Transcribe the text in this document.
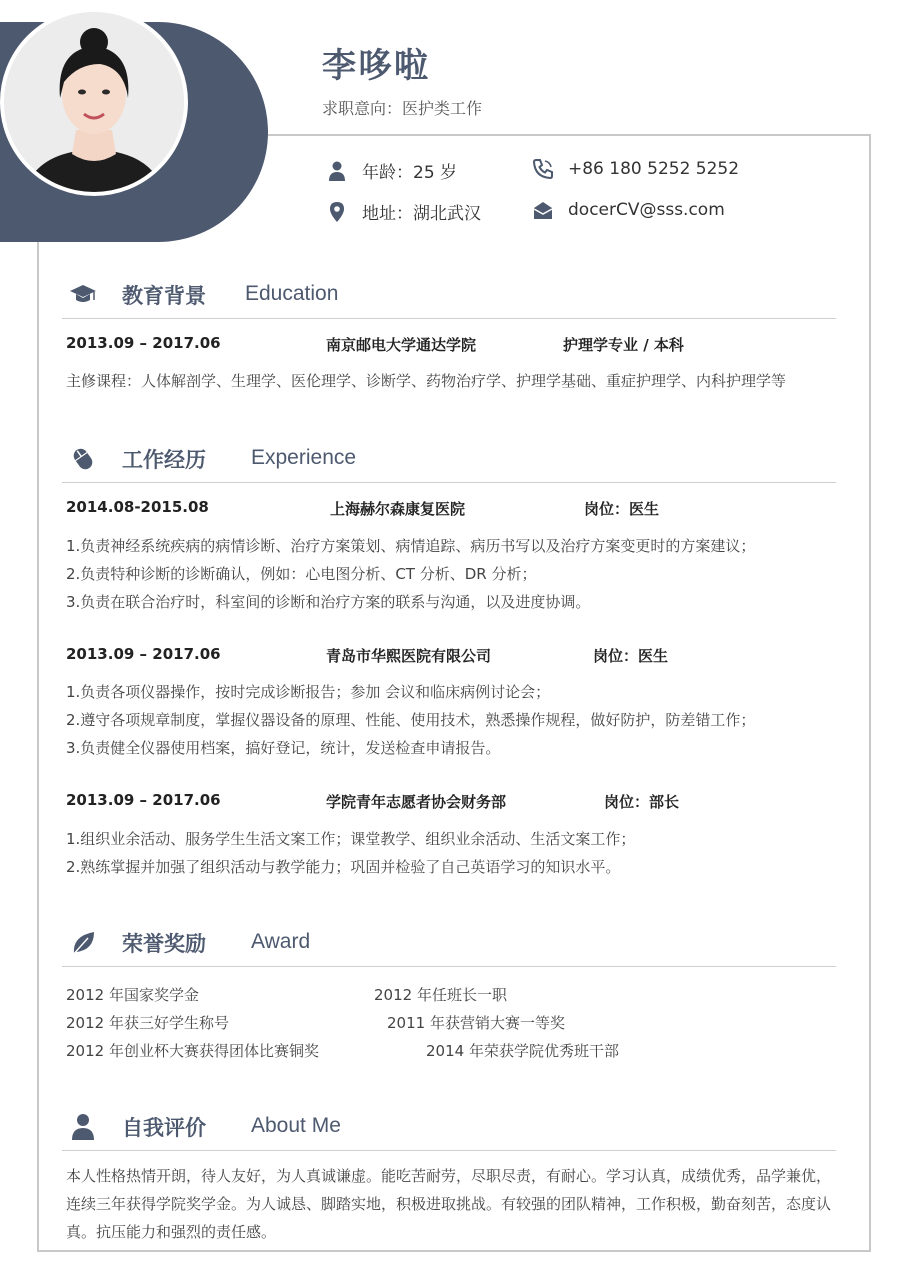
李哆啦
求职意向：医护类工作
年龄：25 岁
地址：湖北武汉
+86 180 5252 5252
docerCV@sss.com
教育背景 Education
2013.09 – 2017.06	南京邮电大学通达学院	护理学专业 / 本科
主修课程：人体解剖学、生理学、医伦理学、诊断学、药物治疗学、护理学基础、重症护理学、内科护理学等
工作经历 Experience
2014.08-2015.08	上海赫尔森康复医院	岗位：医生
1.负责神经系统疾病的病情诊断、治疗方案策划、病情追踪、病历书写以及治疗方案变更时的方案建议；
2.负责特种诊断的诊断确认，例如：心电图分析、CT 分析、DR 分析；
3.负责在联合治疗时，科室间的诊断和治疗方案的联系与沟通，以及进度协调。
2013.09 – 2017.06	青岛市华熙医院有限公司	岗位：医生
1.负责各项仪器操作，按时完成诊断报告；参加 会议和临床病例讨论会；
2.遵守各项规章制度，掌握仪器设备的原理、性能、使用技术，熟悉操作规程，做好防护，防差错工作；
3.负责健全仪器使用档案，搞好登记，统计，发送检查申请报告。
2013.09 – 2017.06	学院青年志愿者协会财务部	岗位：部长
1.组织业余活动、服务学生生活文案工作；课堂教学、组织业余活动、生活文案工作；
2.熟练掌握并加强了组织活动与教学能力；巩固并检验了自己英语学习的知识水平。
荣誉奖励 Award
2012 年国家奖学金	2012 年任班长一职
2012 年获三好学生称号	2011 年获营销大赛一等奖
2012 年创业杯大赛获得团体比赛铜奖	2014 年荣获学院优秀班干部
自我评价 About Me
本人性格热情开朗，待人友好，为人真诚谦虚。能吃苦耐劳，尽职尽责，有耐心。学习认真，成绩优秀，品学兼优，连续三年获得学院奖学金。为人诚恳、脚踏实地，积极进取挑战。有较强的团队精神，工作积极，勤奋刻苦，态度认真。抗压能力和强烈的责任感。
